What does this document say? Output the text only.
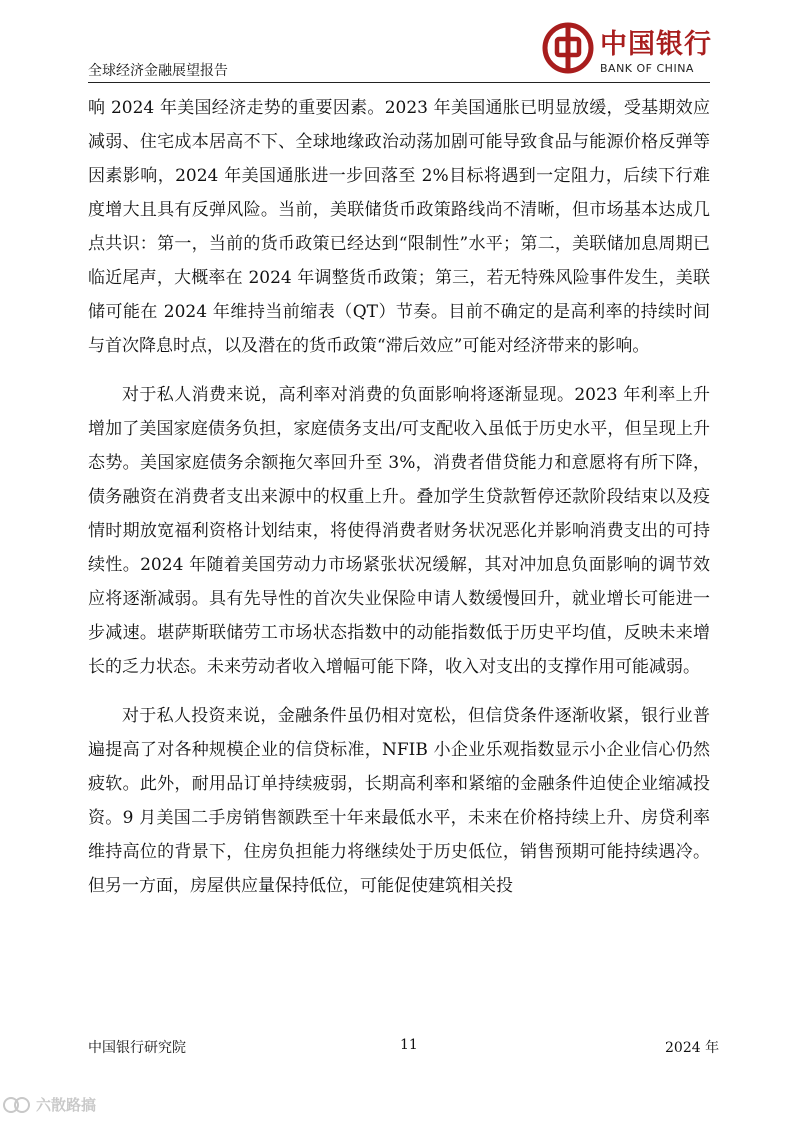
全球经济金融展望报告
中国银行
BANK OF CHINA

响 2024 年美国经济走势的重要因素。2023 年美国通胀已明显放缓，受基期效应减弱、住宅成本居高不下、全球地缘政治动荡加剧可能导致食品与能源价格反弹等因素影响，2024 年美国通胀进一步回落至 2%目标将遇到一定阻力，后续下行难度增大且具有反弹风险。当前，美联储货币政策路线尚不清晰，但市场基本达成几点共识：第一，当前的货币政策已经达到“限制性”水平；第二，美联储加息周期已临近尾声，大概率在 2024 年调整货币政策；第三，若无特殊风险事件发生，美联储可能在 2024 年维持当前缩表（QT）节奏。目前不确定的是高利率的持续时间与首次降息时点，以及潜在的货币政策“滞后效应”可能对经济带来的影响。

对于私人消费来说，高利率对消费的负面影响将逐渐显现。2023 年利率上升增加了美国家庭债务负担，家庭债务支出/可支配收入虽低于历史水平，但呈现上升态势。美国家庭债务余额拖欠率回升至 3%，消费者借贷能力和意愿将有所下降，债务融资在消费者支出来源中的权重上升。叠加学生贷款暂停还款阶段结束以及疫情时期放宽福利资格计划结束，将使得消费者财务状况恶化并影响消费支出的可持续性。2024 年随着美国劳动力市场紧张状况缓解，其对冲加息负面影响的调节效应将逐渐减弱。具有先导性的首次失业保险申请人数缓慢回升，就业增长可能进一步减速。堪萨斯联储劳工市场状态指数中的动能指数低于历史平均值，反映未来增长的乏力状态。未来劳动者收入增幅可能下降，收入对支出的支撑作用可能减弱。

对于私人投资来说，金融条件虽仍相对宽松，但信贷条件逐渐收紧，银行业普遍提高了对各种规模企业的信贷标准，NFIB 小企业乐观指数显示小企业信心仍然疲软。此外，耐用品订单持续疲弱，长期高利率和紧缩的金融条件迫使企业缩减投资。9 月美国二手房销售额跌至十年来最低水平，未来在价格持续上升、房贷利率维持高位的背景下，住房负担能力将继续处于历史低位，销售预期可能持续遇冷。但另一方面，房屋供应量保持低位，可能促使建筑相关投

中国银行研究院	11	2024 年
六散路搞
